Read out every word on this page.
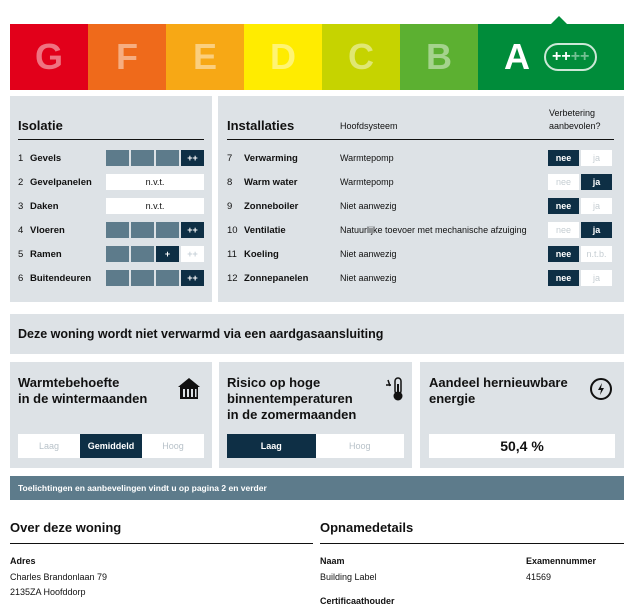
G	F	E	D	C	B	A ++ ++
Isolatie
1 Gevels	++
2 Gevelpanelen	n.v.t.
3 Daken	n.v.t.
4 Vloeren	++
5 Ramen	+	++
6 Buitendeuren	++
Installaties	Hoofdsysteem
Verbetering
aanbevolen?
7 Verwarming	Warmtepomp	nee	ja
8 Warm water	Warmtepomp	nee	ja
9 Zonneboiler	Niet aanwezig	nee	ja
10 Ventilatie	Natuurlijke toevoer met mechanische afzuiging	nee	ja
11 Koeling	Niet aanwezig	nee	n.t.b.
12 Zonnepanelen	Niet aanwezig	nee	ja
Deze woning wordt niet verwarmd via een aardgasaansluiting
Warmtebehoefte
in de wintermaanden
Laag	Gemiddeld	Hoog
Risico op hoge
binnentemperaturen
in de zomermaanden
Laag	Hoog
Aandeel hernieuwbare
energie
50,4 %
Toelichtingen en aanbevelingen vindt u op pagina 2 en verder
Over deze woning
Adres
Charles Brandonlaan 79
2135ZA Hoofddorp
Opnamedetails
Naam
Building Label
Examennummer
41569
Certificaathouder
